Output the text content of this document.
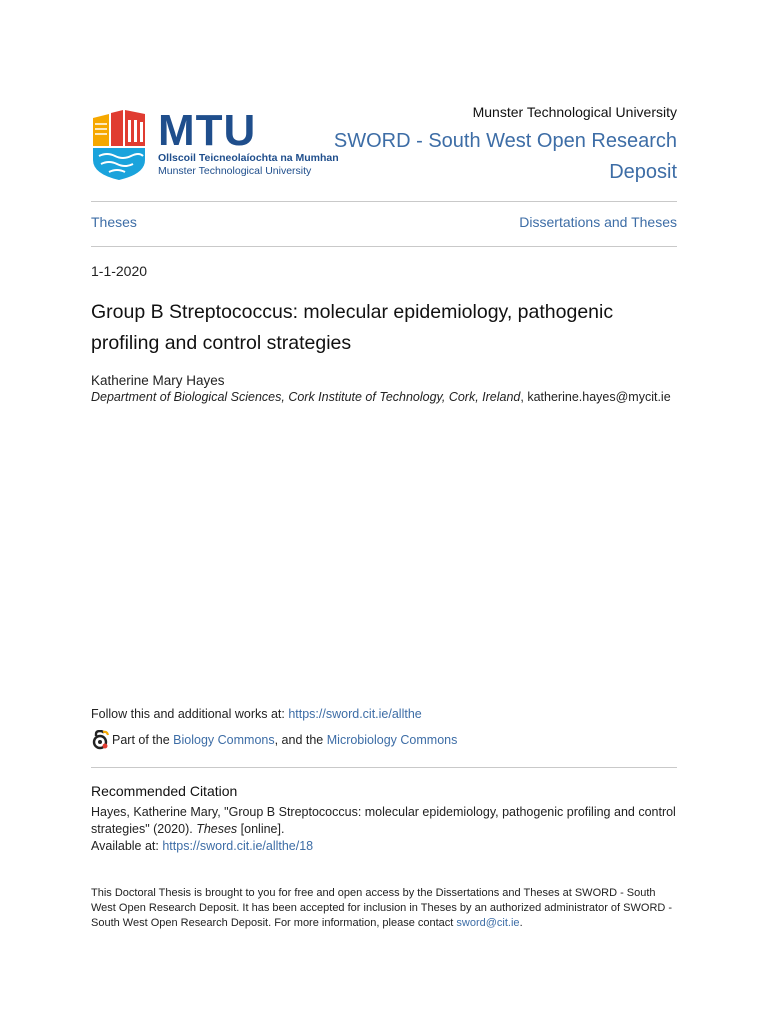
MTU
Ollscoil Teicneolaíochta na Mumhan
Munster Technological University
Munster Technological University
SWORD - South West Open Research Deposit
Theses	Dissertations and Theses
1-1-2020
Group B Streptococcus: molecular epidemiology, pathogenic profiling and control strategies
Katherine Mary Hayes
Department of Biological Sciences, Cork Institute of Technology, Cork, Ireland, katherine.hayes@mycit.ie
Follow this and additional works at: https://sword.cit.ie/allthe
Part of the
Biology Commons , and the
Microbiology Commons
Recommended Citation
Hayes, Katherine Mary, "Group B Streptococcus: molecular epidemiology, pathogenic profiling and control strategies" (2020). Theses [online].
Available at: https://sword.cit.ie/allthe/18
This Doctoral Thesis is brought to you for free and open access by the Dissertations and Theses at SWORD - South West Open Research Deposit. It has been accepted for inclusion in Theses by an authorized administrator of SWORD - South West Open Research Deposit. For more information, please contact sword@cit.ie.
